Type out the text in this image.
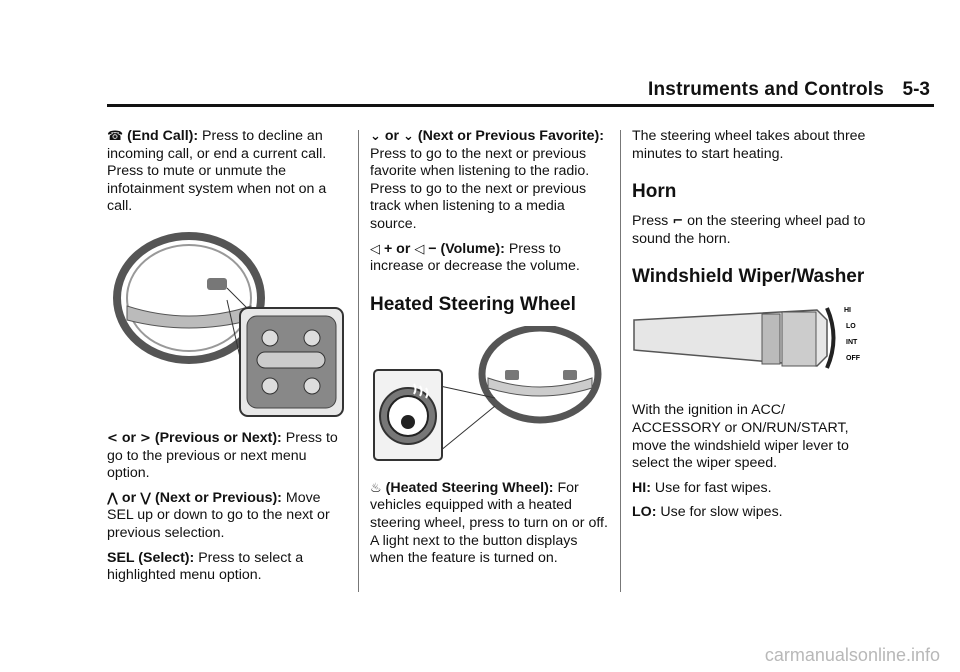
Instruments and Controls 5-3

☎ (End Call): Press to decline an incoming call, or end a current call. Press to mute or unmute the infotainment system when not on a call.

< or > (Previous or Next): Press to go to the previous or next menu option.

⋀ or ⋁ (Next or Previous): Move SEL up or down to go to the next or previous selection.

SEL (Select): Press to select a highlighted menu option.

⌄ or ⌄ (Next or Previous Favorite): Press to go to the next or previous favorite when listening to the radio. Press to go to the next or previous track when listening to a media source.

◁ + or ◁ − (Volume): Press to increase or decrease the volume.

Heated Steering Wheel

♨ (Heated Steering Wheel): For vehicles equipped with a heated steering wheel, press to turn on or off. A light next to the button displays when the feature is turned on.

The steering wheel takes about three minutes to start heating.

Horn

Press ⌐ on the steering wheel pad to sound the horn.

Windshield Wiper/Washer
HI
LO
INT
OFF

With the ignition in ACC/ ACCESSORY or ON/RUN/START, move the windshield wiper lever to select the wiper speed.

HI: Use for fast wipes.

LO: Use for slow wipes.

carmanualsonline.info
